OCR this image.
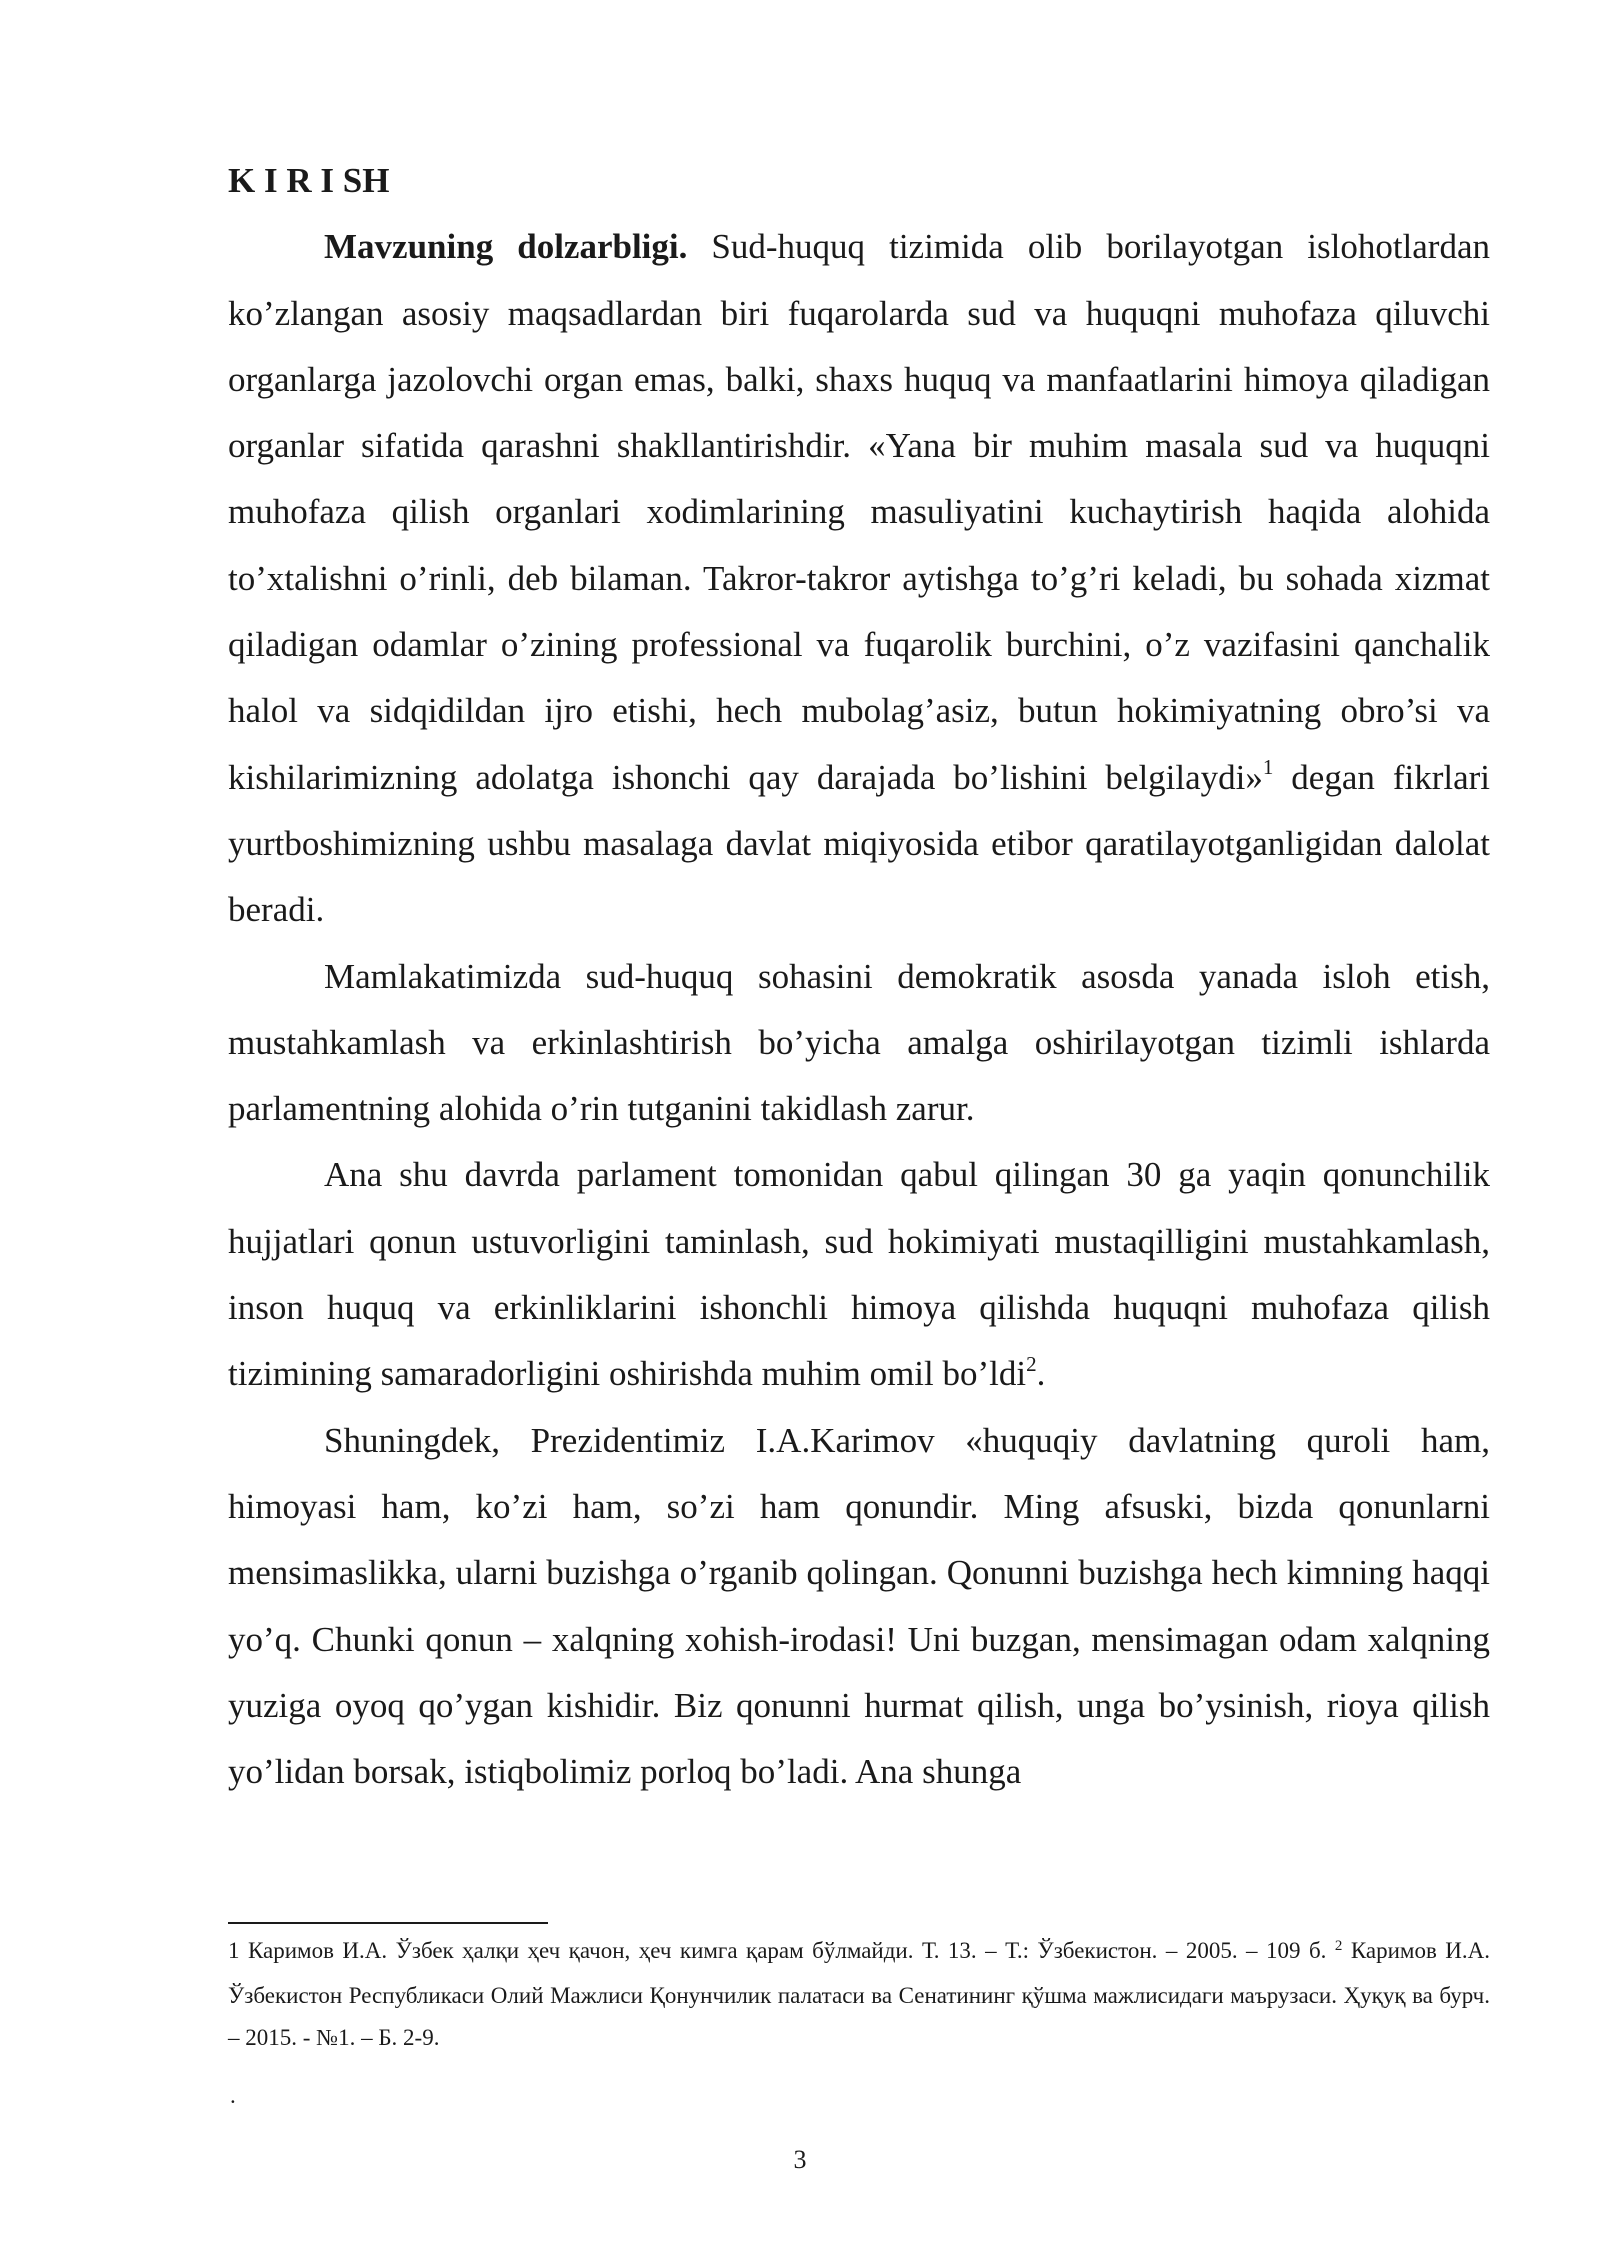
K I R I SH

Mavzuning dolzarbligi. Sud-huquq tizimida olib borilayotgan islohotlardan ko’zlangan asosiy maqsadlardan biri fuqarolarda sud va huquqni muhofaza qiluvchi organlarga jazolovchi organ emas, balki, shaxs huquq va manfaatlarini himoya qiladigan organlar sifatida qarashni shakllantirishdir. «Yana bir muhim masala sud va huquqni muhofaza qilish organlari xodimlarining masuliyatini kuchaytirish haqida alohida to’xtalishni o’rinli, deb bilaman. Takror-takror aytishga to’g’ri keladi, bu sohada xizmat qiladigan odamlar o’zining professional va fuqarolik burchini, o’z vazifasini qanchalik halol va sidqidildan ijro etishi, hech mubolag’asiz, butun hokimiyatning obro’si va kishilarimizning adolatga ishonchi qay darajada bo’lishini belgilaydi»$^1$ degan fikrlari yurtboshimizning ushbu masalaga davlat miqiyosida etibor qaratilayotganligidan dalolat beradi.

Mamlakatimizda sud-huquq sohasini demokratik asosda yanada isloh etish, mustahkamlash va erkinlashtirish bo’yicha amalga oshirilayotgan tizimli ishlarda parlamentning alohida o’rin tutganini takidlash zarur.

Ana shu davrda parlament tomonidan qabul qilingan 30 ga yaqin qonunchilik hujjatlari qonun ustuvorligini taminlash, sud hokimiyati mustaqilligini mustahkamlash, inson huquq va erkinliklarini ishonchli himoya qilishda huquqni muhofaza qilish tizimining samaradorligini oshirishda muhim omil bo’ldi$^2$.

Shuningdek, Prezidentimiz I.A.Karimov «huquqiy davlatning quroli ham, himoyasi ham, ko’zi ham, so’zi ham qonundir. Ming afsuski, bizda qonunlarni mensimaslikka, ularni buzishga o’rganib qolingan. Qonunni buzishga hech kimning haqqi yo’q. Chunki qonun – xalqning xohish-irodasi! Uni buzgan, mensimagan odam xalqning yuziga oyoq qo’ygan kishidir. Biz qonunni hurmat qilish, unga bo’ysinish, rioya qilish yo’lidan borsak, istiqbolimiz porloq bo’ladi. Ana shunga

1 Каримов И.А. Ўзбек ҳалқи ҳеч қачон, ҳеч кимга қарам бўлмайди. Т. 13. – Т.: Ўзбекистон. – 2005. – 109 б. $^2$ Каримов И.А. Ўзбекистон Республикаси Олий Мажлиси Қонунчилик палатаси ва Сенатининг қўшма мажлисидаги маърузаси. Ҳуқуқ ва бурч. – 2015. - №1. – Б. 2-9.

.
3
